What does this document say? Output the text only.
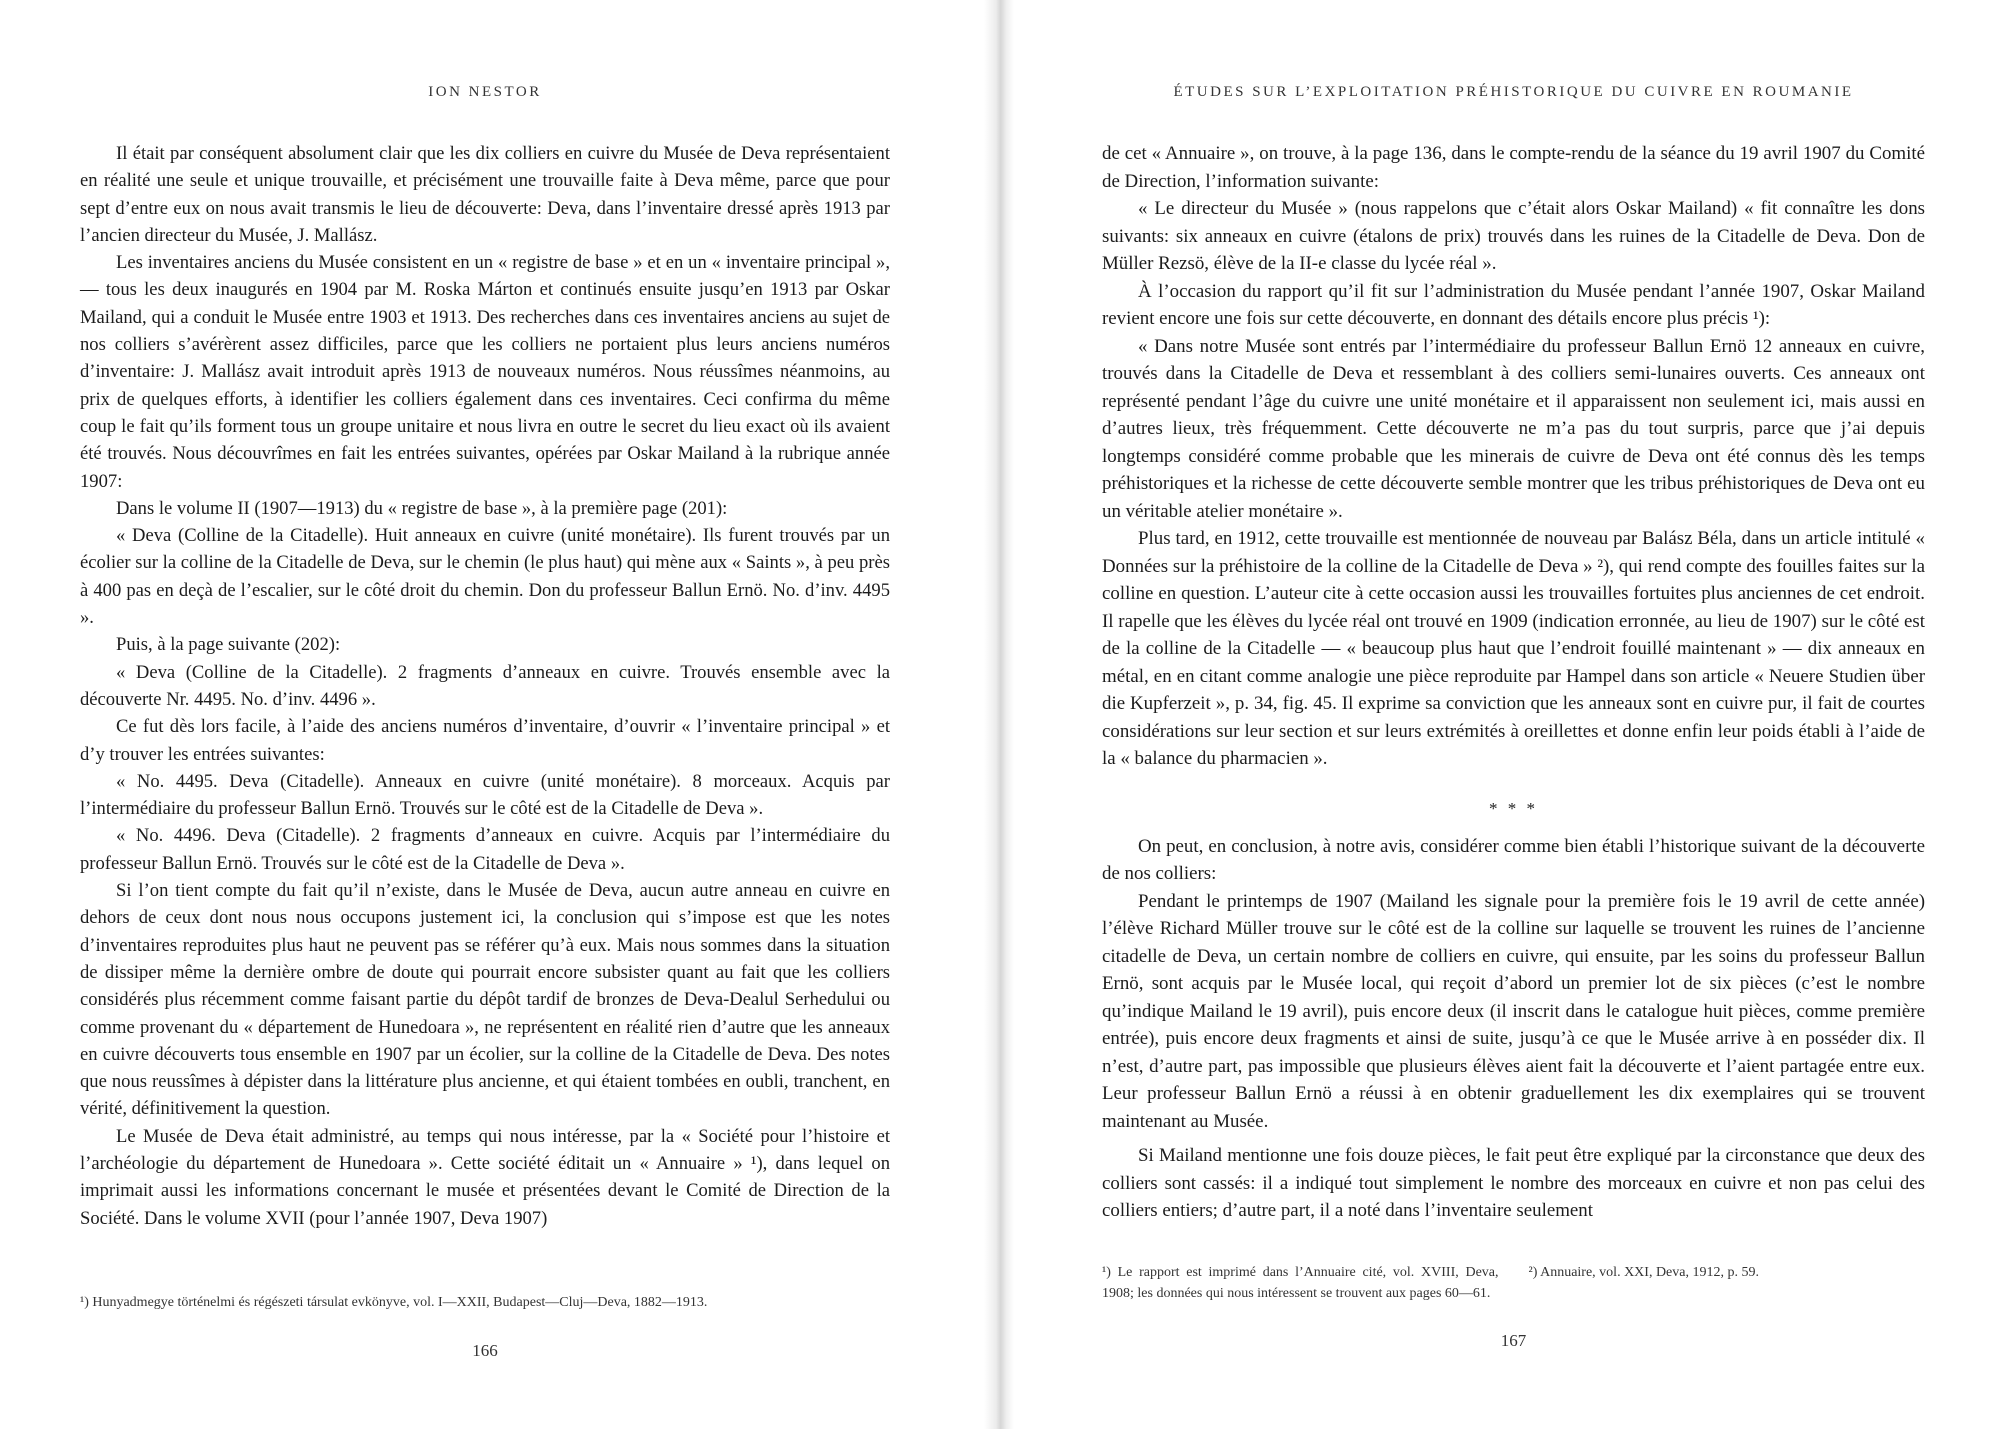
ION NESTOR

Il était par conséquent absolument clair que les dix colliers en cuivre du Musée de Deva représentaient en réalité une seule et unique trouvaille, et précisément une trouvaille faite à Deva même, parce que pour sept d’entre eux on nous avait transmis le lieu de découverte: Deva, dans l’inventaire dressé après 1913 par l’ancien directeur du Musée, J. Mallász.

Les inventaires anciens du Musée consistent en un « registre de base » et en un « inventaire principal », — tous les deux inaugurés en 1904 par M. Roska Márton et continués ensuite jusqu’en 1913 par Oskar Mailand, qui a conduit le Musée entre 1903 et 1913. Des recherches dans ces inventaires anciens au sujet de nos colliers s’avérèrent assez difficiles, parce que les colliers ne portaient plus leurs anciens numéros d’inventaire: J. Mallász avait introduit après 1913 de nouveaux numéros. Nous réussîmes néanmoins, au prix de quelques efforts, à identifier les colliers également dans ces inventaires. Ceci confirma du même coup le fait qu’ils forment tous un groupe unitaire et nous livra en outre le secret du lieu exact où ils avaient été trouvés. Nous découvrîmes en fait les entrées suivantes, opérées par Oskar Mailand à la rubrique année 1907:

Dans le volume II (1907—1913) du « registre de base », à la première page (201):

« Deva (Colline de la Citadelle). Huit anneaux en cuivre (unité monétaire). Ils furent trouvés par un écolier sur la colline de la Citadelle de Deva, sur le chemin (le plus haut) qui mène aux « Saints », à peu près à 400 pas en deçà de l’escalier, sur le côté droit du chemin. Don du professeur Ballun Ernö. No. d’inv. 4495 ».

Puis, à la page suivante (202):

« Deva (Colline de la Citadelle). 2 fragments d’anneaux en cuivre. Trouvés ensemble avec la découverte Nr. 4495. No. d’inv. 4496 ».

Ce fut dès lors facile, à l’aide des anciens numéros d’inventaire, d’ouvrir « l’inventaire principal » et d’y trouver les entrées suivantes:

« No. 4495. Deva (Citadelle). Anneaux en cuivre (unité monétaire). 8 morceaux. Acquis par l’intermédiaire du professeur Ballun Ernö. Trouvés sur le côté est de la Citadelle de Deva ».

« No. 4496. Deva (Citadelle). 2 fragments d’anneaux en cuivre. Acquis par l’intermédiaire du professeur Ballun Ernö. Trouvés sur le côté est de la Citadelle de Deva ».

Si l’on tient compte du fait qu’il n’existe, dans le Musée de Deva, aucun autre anneau en cuivre en dehors de ceux dont nous nous occupons justement ici, la conclusion qui s’impose est que les notes d’inventaires reproduites plus haut ne peuvent pas se référer qu’à eux. Mais nous sommes dans la situation de dissiper même la dernière ombre de doute qui pourrait encore subsister quant au fait que les colliers considérés plus récemment comme faisant partie du dépôt tardif de bronzes de Deva-Dealul Serhedului ou comme provenant du « département de Hunedoara », ne représentent en réalité rien d’autre que les anneaux en cuivre découverts tous ensemble en 1907 par un écolier, sur la colline de la Citadelle de Deva. Des notes que nous reussîmes à dépister dans la littérature plus ancienne, et qui étaient tombées en oubli, tranchent, en vérité, définitivement la question.

Le Musée de Deva était administré, au temps qui nous intéresse, par la « Société pour l’histoire et l’archéologie du département de Hunedoara ». Cette société éditait un « Annuaire » ¹), dans lequel on imprimait aussi les informations concernant le musée et présentées devant le Comité de Direction de la Société. Dans le volume XVII (pour l’année 1907, Deva 1907)

¹) Hunyadmegye történelmi és régészeti társulat evkönyve, vol. I—XXII, Budapest—Cluj—Deva, 1882—1913.

166
ÉTUDES SUR L’EXPLOITATION PRÉHISTORIQUE DU CUIVRE EN ROUMANIE

de cet « Annuaire », on trouve, à la page 136, dans le compte-rendu de la séance du 19 avril 1907 du Comité de Direction, l’information suivante:

« Le directeur du Musée » (nous rappelons que c’était alors Oskar Mailand) « fit connaître les dons suivants: six anneaux en cuivre (étalons de prix) trouvés dans les ruines de la Citadelle de Deva. Don de Müller Rezsö, élève de la II-e classe du lycée réal ».

À l’occasion du rapport qu’il fit sur l’administration du Musée pendant l’année 1907, Oskar Mailand revient encore une fois sur cette découverte, en donnant des détails encore plus précis ¹):

« Dans notre Musée sont entrés par l’intermédiaire du professeur Ballun Ernö 12 anneaux en cuivre, trouvés dans la Citadelle de Deva et ressemblant à des colliers semi-lunaires ouverts. Ces anneaux ont représenté pendant l’âge du cuivre une unité monétaire et il apparaissent non seulement ici, mais aussi en d’autres lieux, très fréquemment. Cette découverte ne m’a pas du tout surpris, parce que j’ai depuis longtemps considéré comme probable que les minerais de cuivre de Deva ont été connus dès les temps préhistoriques et la richesse de cette découverte semble montrer que les tribus préhistoriques de Deva ont eu un véritable atelier monétaire ».

Plus tard, en 1912, cette trouvaille est mentionnée de nouveau par Balász Béla, dans un article intitulé « Données sur la préhistoire de la colline de la Citadelle de Deva » ²), qui rend compte des fouilles faites sur la colline en question. L’auteur cite à cette occasion aussi les trouvailles fortuites plus anciennes de cet endroit. Il rapelle que les élèves du lycée réal ont trouvé en 1909 (indication erronnée, au lieu de 1907) sur le côté est de la colline de la Citadelle — « beaucoup plus haut que l’endroit fouillé maintenant » — dix anneaux en métal, en en citant comme analogie une pièce reproduite par Hampel dans son article « Neuere Studien über die Kupferzeit », p. 34, fig. 45. Il exprime sa conviction que les anneaux sont en cuivre pur, il fait de courtes considérations sur leur section et sur leurs extrémités à oreillettes et donne enfin leur poids établi à l’aide de la « balance du pharmacien ».

* * *

On peut, en conclusion, à notre avis, considérer comme bien établi l’historique suivant de la découverte de nos colliers:

Pendant le printemps de 1907 (Mailand les signale pour la première fois le 19 avril de cette année) l’élève Richard Müller trouve sur le côté est de la colline sur laquelle se trouvent les ruines de l’ancienne citadelle de Deva, un certain nombre de colliers en cuivre, qui ensuite, par les soins du professeur Ballun Ernö, sont acquis par le Musée local, qui reçoit d’abord un premier lot de six pièces (c’est le nombre qu’indique Mailand le 19 avril), puis encore deux (il inscrit dans le catalogue huit pièces, comme première entrée), puis encore deux fragments et ainsi de suite, jusqu’à ce que le Musée arrive à en posséder dix. Il n’est, d’autre part, pas impossible que plusieurs élèves aient fait la découverte et l’aient partagée entre eux. Leur professeur Ballun Ernö a réussi à en obtenir graduellement les dix exemplaires qui se trouvent maintenant au Musée.

Si Mailand mentionne une fois douze pièces, le fait peut être expliqué par la circonstance que deux des colliers sont cassés: il a indiqué tout simplement le nombre des morceaux en cuivre et non pas celui des colliers entiers; d’autre part, il a noté dans l’inventaire seulement

¹) Le rapport est imprimé dans l’Annuaire cité, vol. XVIII, Deva, 1908; les données qui nous intéressent se trouvent aux pages 60—61.

²) Annuaire, vol. XXI, Deva, 1912, p. 59.

167
